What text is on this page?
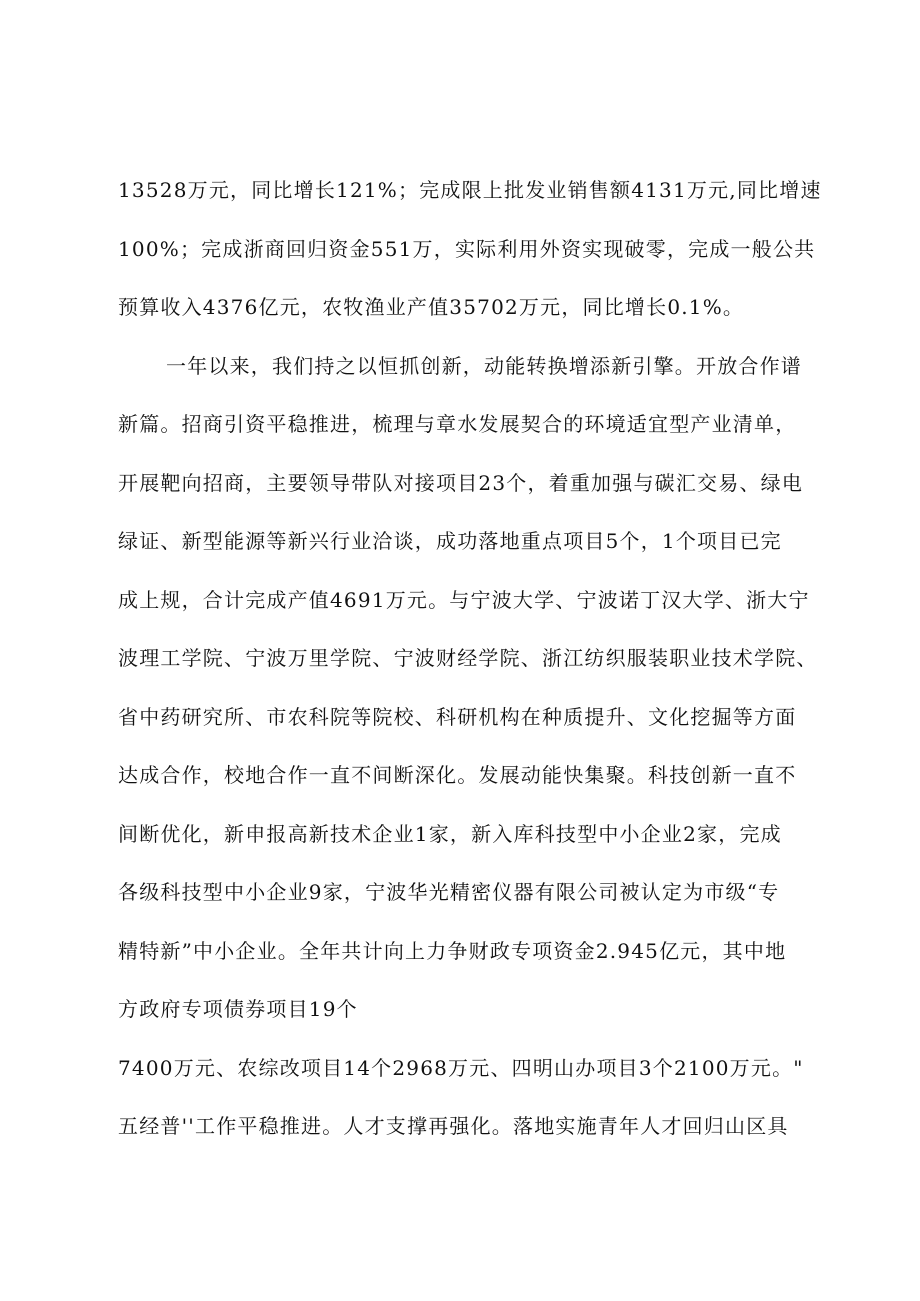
13528万元，同比增长121%；完成限上批发业销售额4131万元,同比增速
100%；完成浙商回归资金551万，实际利用外资实现破零，完成一般公共
预算收入4376亿元，农牧渔业产值35702万元，同比增长0.1%。
一年以来，我们持之以恒抓创新，动能转换增添新引擎。开放合作谱
新篇。招商引资平稳推进，梳理与章水发展契合的环境适宜型产业清单，
开展靶向招商，主要领导带队对接项目23个，着重加强与碳汇交易、绿电
绿证、新型能源等新兴行业洽谈，成功落地重点项目5个，1个项目已完
成上规，合计完成产值4691万元。与宁波大学、宁波诺丁汉大学、浙大宁
波理工学院、宁波万里学院、宁波财经学院、浙江纺织服装职业技术学院、
省中药研究所、市农科院等院校、科研机构在种质提升、文化挖掘等方面
达成合作，校地合作一直不间断深化。发展动能快集聚。科技创新一直不
间断优化，新申报高新技术企业1家，新入库科技型中小企业2家，完成
各级科技型中小企业9家，宁波华光精密仪器有限公司被认定为市级“专
精特新”中小企业。全年共计向上力争财政专项资金2.945亿元，其中地
方政府专项债券项目19个
7400万元、农综改项目14个2968万元、四明山办项目3个2100万元。"
五经普''工作平稳推进。人才支撑再强化。落地实施青年人才回归山区具
